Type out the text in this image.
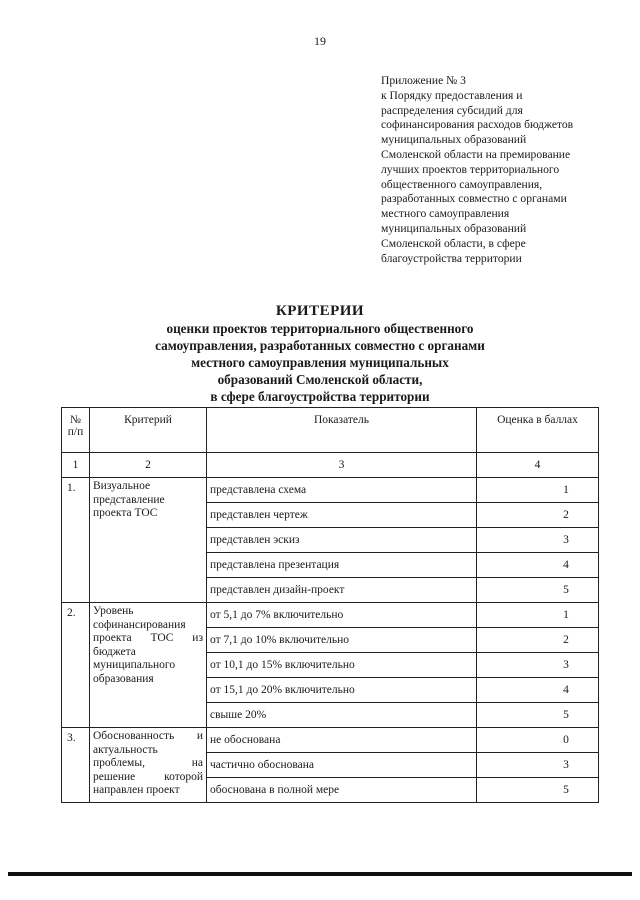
19
Приложение № 3
к Порядку предоставления и
распределения субсидий для
софинансирования расходов бюджетов
муниципальных образований
Смоленской области на премирование
лучших проектов территориального
общественного самоуправления,
разработанных совместно с органами
местного самоуправления
муниципальных образований
Смоленской области, в сфере
благоустройства территории
КРИТЕРИИ
оценки проектов территориального общественного
самоуправления, разработанных совместно с органами
местного самоуправления муниципальных
образований Смоленской области,
в сфере благоустройства территории
№ п/п	Критерий	Показатель	Оценка в баллах
1	2	3	4
1.	Визуальное представление проекта ТОС	представлена схема	1
		представлен чертеж	2
		представлен эскиз	3
		представлена презентация	4
		представлен дизайн-проект	5
2.	Уровень софинансирования проекта ТОС из бюджета муниципального образования	от 5,1 до 7% включительно	1
		от 7,1 до 10% включительно	2
		от 10,1 до 15% включительно	3
		от 15,1 до 20% включительно	4
		свыше 20%	5
3.	Обоснованность и актуальность проблемы, на решение которой направлен проект	не обоснована	0
		частично обоснована	3
		обоснована в полной мере	5
